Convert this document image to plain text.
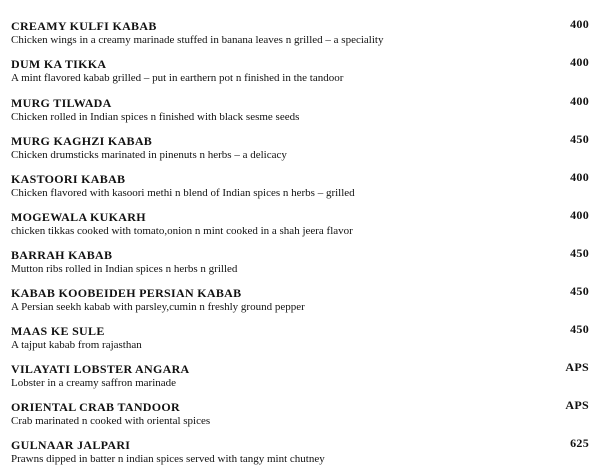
CREAMY KULFI KABAB
Chicken wings in a creamy marinade stuffed in banana leaves n grilled – a speciality
400
DUM KA TIKKA
A mint flavored kabab grilled – put in earthern pot n finished in the tandoor
400
MURG TILWADA
Chicken rolled in Indian spices n finished with black sesme seeds
400
MURG KAGHZI KABAB
Chicken drumsticks marinated in pinenuts n herbs – a delicacy
450
KASTOORI KABAB
Chicken flavored with kasoori methi n blend of Indian spices n herbs – grilled
400
MOGEWALA KUKARH
chicken tikkas cooked with tomato,onion n mint cooked in a shah jeera flavor
400
BARRAH KABAB
Mutton ribs rolled in Indian spices n herbs n grilled
450
KABAB KOOBEIDEH PERSIAN KABAB
A Persian seekh kabab with parsley,cumin n freshly ground pepper
450
MAAS KE SULE
A tajput kabab from rajasthan
450
VILAYATI LOBSTER ANGARA
Lobster in a creamy saffron marinade
APS
ORIENTAL CRAB TANDOOR
Crab marinated n cooked with oriental spices
APS
GULNAAR JALPARI
Prawns dipped in batter n indian spices served with tangy mint chutney
625
